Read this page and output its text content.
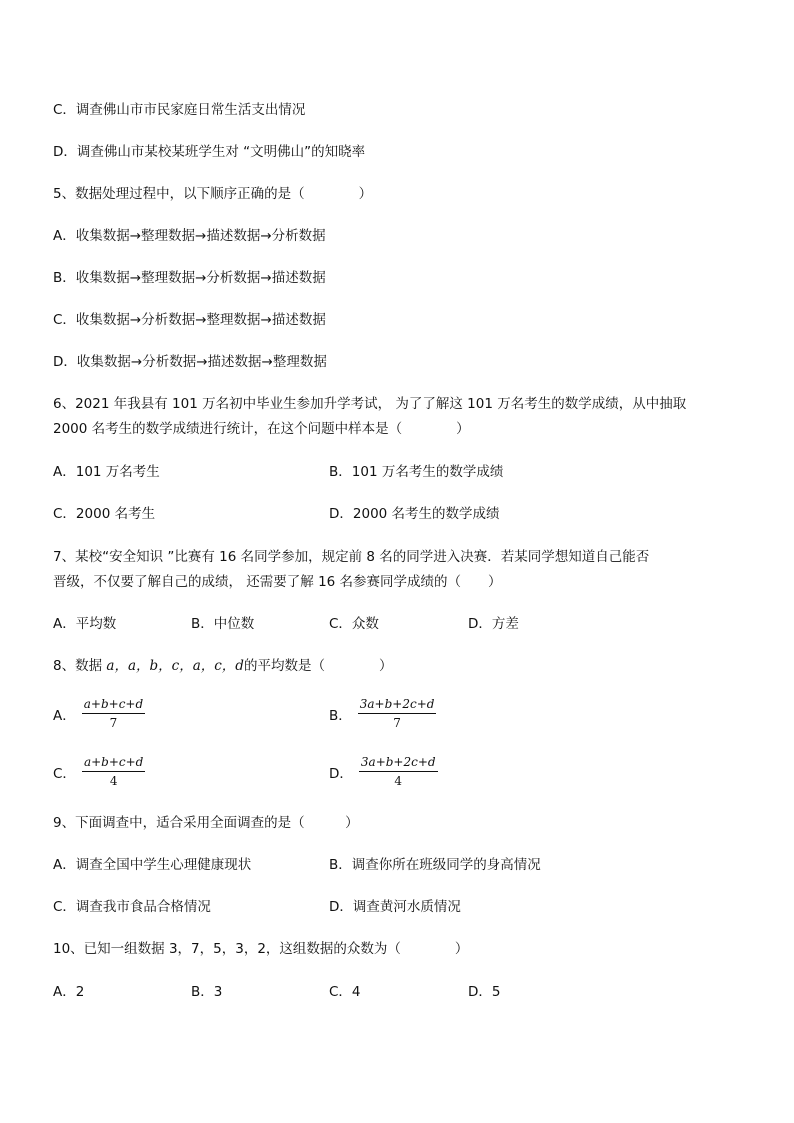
C．调查佛山市市民家庭日常生活支出情况
D．调查佛山市某校某班学生对 “文明佛山”的知晓率
5、数据处理过程中，以下顺序正确的是（　　　　）
A．收集数据→整理数据→描述数据→分析数据
B．收集数据→整理数据→分析数据→描述数据
C．收集数据→分析数据→整理数据→描述数据
D．收集数据→分析数据→描述数据→整理数据
6、2021 年我县有 101 万名初中毕业生参加升学考试， 为了了解这 101 万名考生的数学成绩，从中抽取
2000 名考生的数学成绩进行统计，在这个问题中样本是（　　　　）
A．101 万名考生	B．101 万名考生的数学成绩
C．2000 名考生	D．2000 名考生的数学成绩
7、某校“安全知识 ”比赛有 16 名同学参加，规定前 8 名的同学进入决赛．若某同学想知道自己能否
晋级，不仅要了解自己的成绩， 还需要了解 16 名参赛同学成绩的（　　）
A．平均数	B．中位数	C．众数	D．方差
8、数据 a，a，b，c，a，c，d的平均数是（　　　　）
A． $\frac{a+b+c+d}{7}$	B． $\frac{3a+b+2c+d}{7}$
C． $\frac{a+b+c+d}{4}$	D． $\frac{3a+b+2c+d}{4}$
9、下面调查中，适合采用全面调查的是（　　　）
A．调查全国中学生心理健康现状	B．调查你所在班级同学的身高情况
C．调查我市食品合格情况	D．调查黄河水质情况
10、已知一组数据 3，7，5，3，2，这组数据的众数为（　　　　）
A．2	B．3	C．4	D．5
